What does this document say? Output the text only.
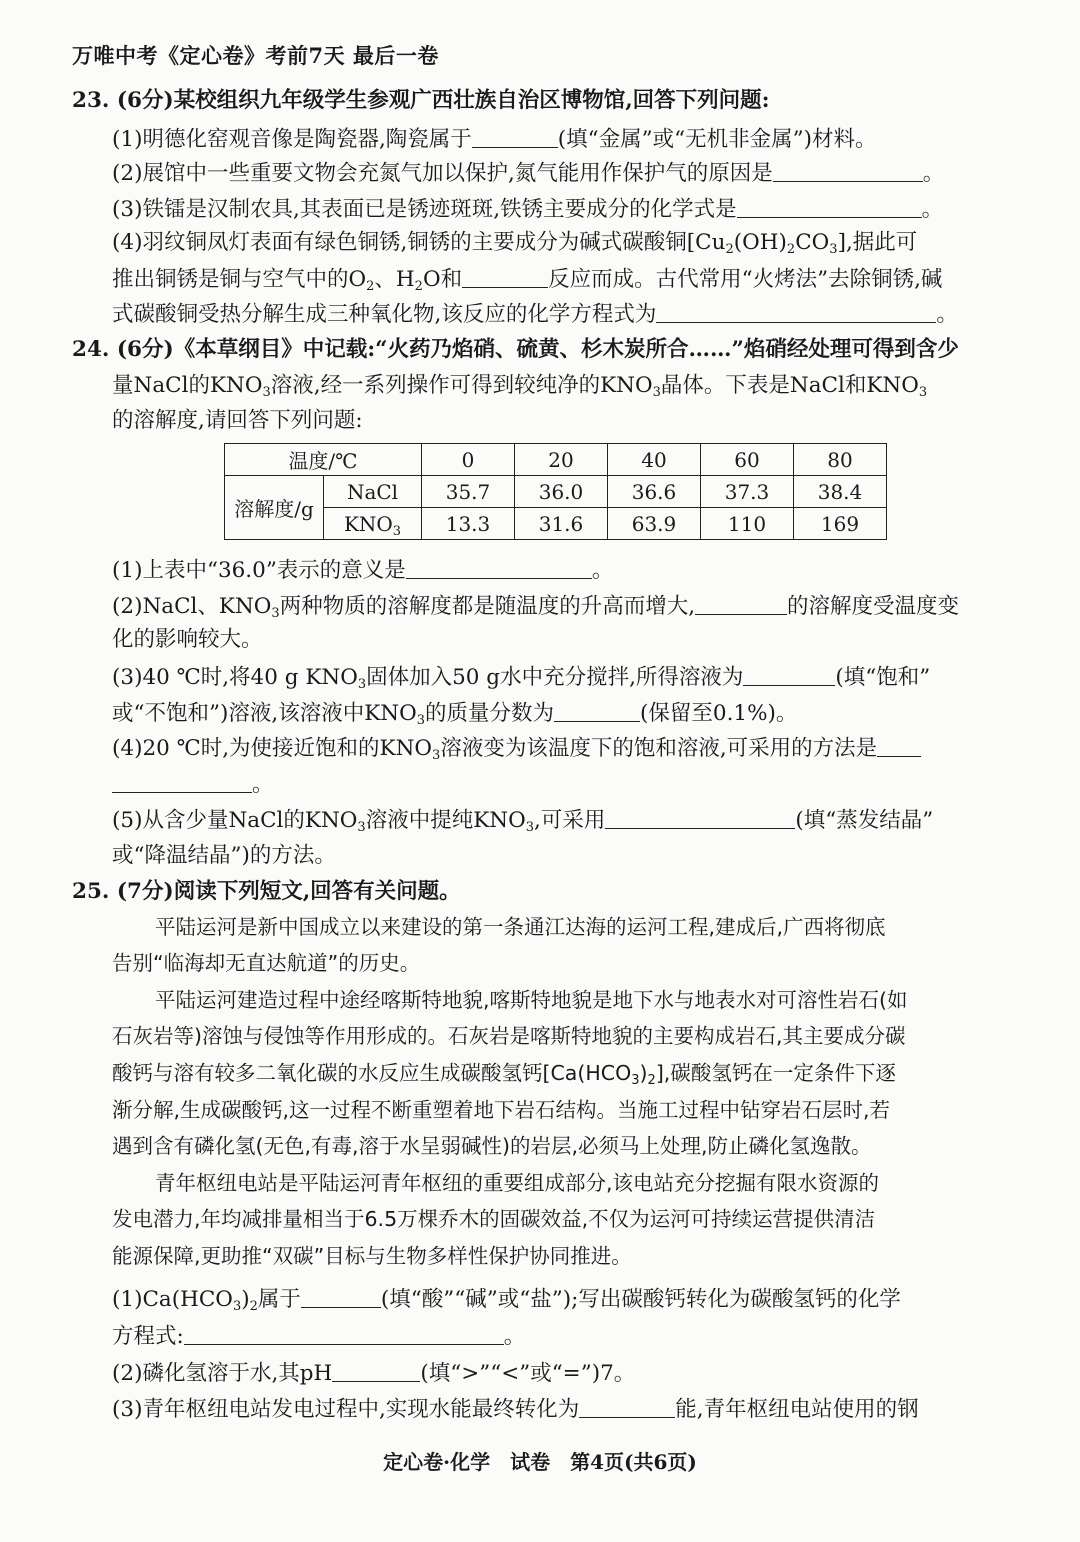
万唯中考《定心卷》考前7天 最后一卷
23. (6分)某校组织九年级学生参观广西壮族自治区博物馆,回答下列问题:
(1)明德化窑观音像是陶瓷器,陶瓷属于	(填“金属”或“无机非金属”)材料。
(2)展馆中一些重要文物会充氮气加以保护,氮气能用作保护气的原因是	。
(3)铁镭是汉制农具,其表面已是锈迹斑斑,铁锈主要成分的化学式是	。
(4)羽纹铜凤灯表面有绿色铜锈,铜锈的主要成分为碱式碳酸铜$[Cu_2(OH)_2CO_3]$,据此可
推出铜锈是铜与空气中的$O_2$、$H_2O$和	反应而成。古代常用“火烤法”去除铜锈,碱
式碳酸铜受热分解生成三种氧化物,该反应的化学方程式为	。
24. (6分)《本草纲目》中记载:“火药乃焰硝、硫黄、杉木炭所合……”焰硝经处理可得到含少
量NaCl的$KNO_3$溶液,经一系列操作可得到较纯净的$KNO_3$晶体。下表是NaCl和$KNO_3$
的溶解度,请回答下列问题:
温度/℃		0	20	40	60	80
溶解度/g	NaCl	35.7	36.0	36.6	37.3	38.4
	$KNO_3$	13.3	31.6	63.9	110	169
(1)上表中“36.0”表示的意义是	。
(2)NaCl、$KNO_3$两种物质的溶解度都是随温度的升高而增大,	的溶解度受温度变
化的影响较大。
(3)40 ℃时,将40 g $KNO_3$固体加入50 g水中充分搅拌,所得溶液为	(填“饱和”
或“不饱和”)溶液,该溶液中$KNO_3$的质量分数为	(保留至0.1%)。
(4)20 ℃时,为使接近饱和的$KNO_3$溶液变为该温度下的饱和溶液,可采用的方法是
。
(5)从含少量NaCl的$KNO_3$溶液中提纯$KNO_3$,可采用	(填“蒸发结晶”
或“降温结晶”)的方法。
25. (7分)阅读下列短文,回答有关问题。
平陆运河是新中国成立以来建设的第一条通江达海的运河工程,建成后,广西将彻底
告别“临海却无直达航道”的历史。
平陆运河建造过程中途经喀斯特地貌,喀斯特地貌是地下水与地表水对可溶性岩石(如
石灰岩等)溶蚀与侵蚀等作用形成的。石灰岩是喀斯特地貌的主要构成岩石,其主要成分碳
酸钙与溶有较多二氧化碳的水反应生成碳酸氢钙$[Ca(HCO_3)_2]$,碳酸氢钙在一定条件下逐
渐分解,生成碳酸钙,这一过程不断重塑着地下岩石结构。当施工过程中钻穿岩石层时,若
遇到含有磷化氢(无色,有毒,溶于水呈弱碱性)的岩层,必须马上处理,防止磷化氢逸散。
青年枢纽电站是平陆运河青年枢纽的重要组成部分,该电站充分挖掘有限水资源的
发电潜力,年均减排量相当于6.5万棵乔木的固碳效益,不仅为运河可持续运营提供清洁
能源保障,更助推“双碳”目标与生物多样性保护协同推进。
$(1)Ca(HCO_3)_2$属于	(填“酸”“碱”或“盐”);写出碳酸钙转化为碳酸氢钙的化学
方程式:	。
(2)磷化氢溶于水,其pH	(填“>”“<”或“=”)7。
(3)青年枢纽电站发电过程中,实现水能最终转化为	能,青年枢纽电站使用的钢
定心卷·化学　试卷　第4页(共6页)
